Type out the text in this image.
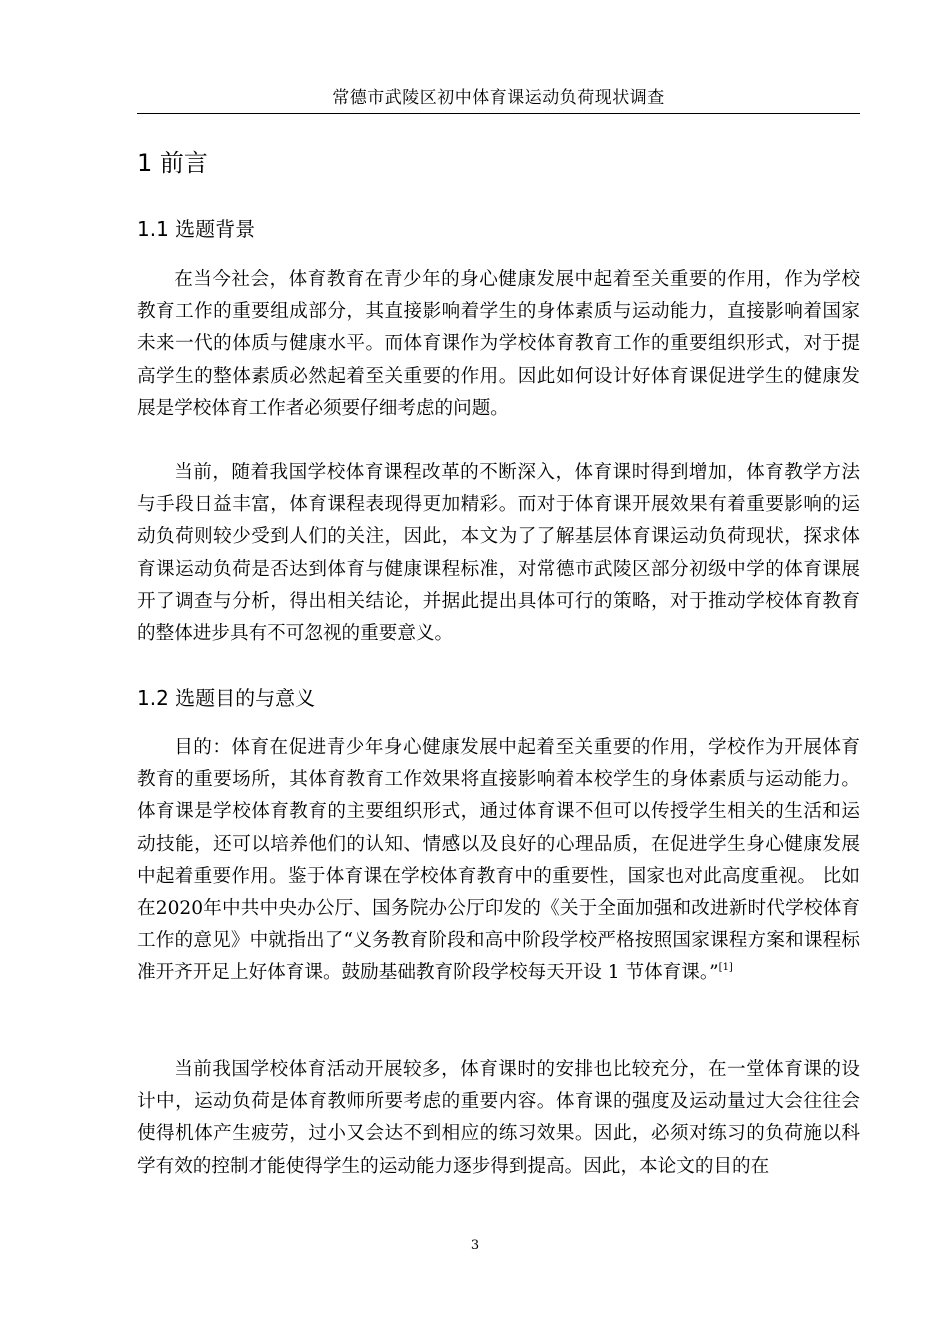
常德市武陵区初中体育课运动负荷现状调查
1 前言
1.1 选题背景

在当今社会，体育教育在青少年的身心健康发展中起着至关重要的作用，作为学校教育工作的重要组成部分，其直接影响着学生的身体素质与运动能力，直接影响着国家未来一代的体质与健康水平。而体育课作为学校体育教育工作的重要组织形式，对于提高学生的整体素质必然起着至关重要的作用。因此如何设计好体育课促进学生的健康发展是学校体育工作者必须要仔细考虑的问题。

当前，随着我国学校体育课程改革的不断深入，体育课时得到增加，体育教学方法与手段日益丰富，体育课程表现得更加精彩。而对于体育课开展效果有着重要影响的运动负荷则较少受到人们的关注，因此，本文为了了解基层体育课运动负荷现状，探求体育课运动负荷是否达到体育与健康课程标准，对常德市武陵区部分初级中学的体育课展开了调查与分析，得出相关结论，并据此提出具体可行的策略，对于推动学校体育教育的整体进步具有不可忽视的重要意义。

1.2 选题目的与意义

目的：体育在促进青少年身心健康发展中起着至关重要的作用，学校作为开展体育教育的重要场所，其体育教育工作效果将直接影响着本校学生的身体素质与运动能力。体育课是学校体育教育的主要组织形式，通过体育课不但可以传授学生相关的生活和运动技能，还可以培养他们的认知、情感以及良好的心理品质，在促进学生身心健康发展中起着重要作用。鉴于体育课在学校体育教育中的重要性，国家也对此高度重视。 比如在2020年中共中央办公厅、国务院办公厅印发的《关于全面加强和改进新时代学校体育工作的意见》中就指出了“义务教育阶段和高中阶段学校严格按照国家课程方案和课程标准开齐开足上好体育课。鼓励基础教育阶段学校每天开设 1 节体育课。”[1]

当前我国学校体育活动开展较多，体育课时的安排也比较充分，在一堂体育课的设计中，运动负荷是体育教师所要考虑的重要内容。体育课的强度及运动量过大会往往会使得机体产生疲劳，过小又会达不到相应的练习效果。因此，必须对练习的负荷施以科学有效的控制才能使得学生的运动能力逐步得到提高。因此，本论文的目的在

3
